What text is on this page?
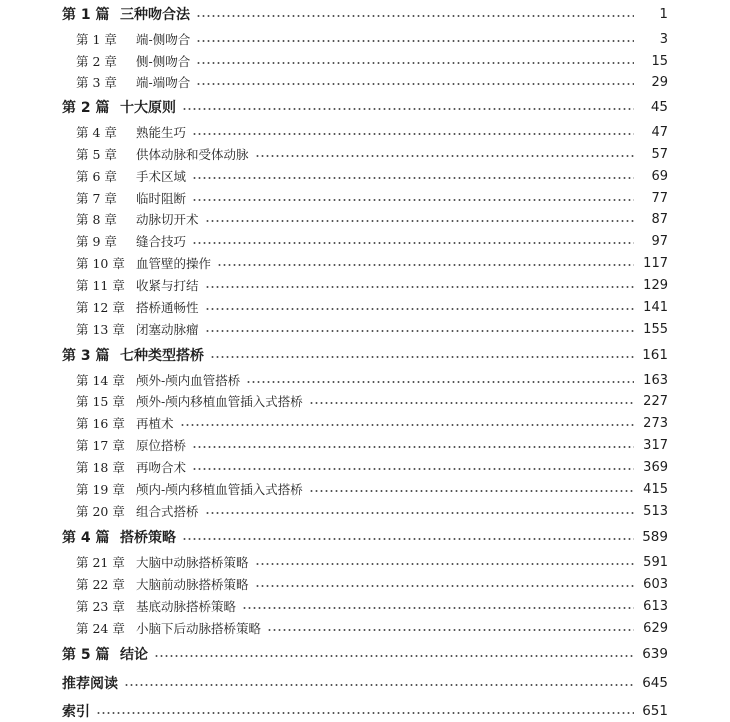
第 1 篇 三种吻合法	1
第 1 章	端-侧吻合	3
第 2 章	侧-侧吻合	15
第 3 章	端-端吻合	29
第 2 篇 十大原则	45
第 4 章	熟能生巧	47
第 5 章	供体动脉和受体动脉	57
第 6 章	手术区域	69
第 7 章	临时阻断	77
第 8 章	动脉切开术	87
第 9 章	缝合技巧	97
第 10 章 血管壁的操作	117
第 11 章 收紧与打结	129
第 12 章 搭桥通畅性	141
第 13 章 闭塞动脉瘤	155
第 3 篇 七种类型搭桥	161
第 14 章 颅外-颅内血管搭桥	163
第 15 章 颅外-颅内移植血管插入式搭桥	227
第 16 章 再植术	273
第 17 章 原位搭桥	317
第 18 章 再吻合术	369
第 19 章 颅内-颅内移植血管插入式搭桥	415
第 20 章 组合式搭桥	513
第 4 篇 搭桥策略	589
第 21 章 大脑中动脉搭桥策略	591
第 22 章 大脑前动脉搭桥策略	603
第 23 章 基底动脉搭桥策略	613
第 24 章 小脑下后动脉搭桥策略	629
第 5 篇 结论	639
推荐阅读	645
索引	651
